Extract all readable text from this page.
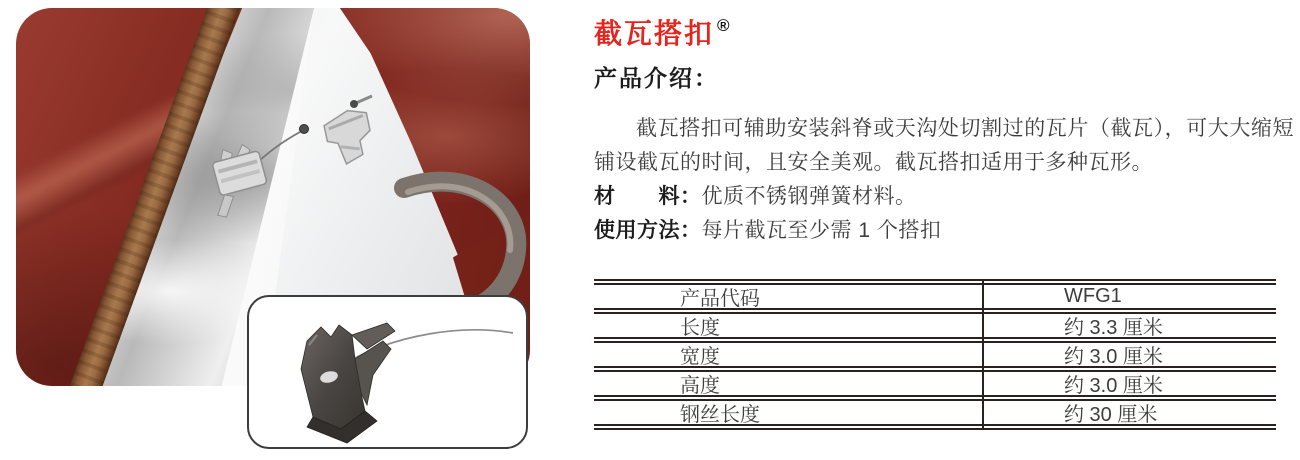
截瓦搭扣 ®
产品介绍：

截瓦搭扣可辅助安装斜脊或天沟处切割过的瓦片（截瓦），可大大缩短铺设截瓦的时间，且安全美观。截瓦搭扣适用于多种瓦形。

材　　料：优质不锈钢弹簧材料。

使用方法：每片截瓦至少需 1 个搭扣

产品代码	WFG1
长度	约 3.3 厘米
宽度	约 3.0 厘米
高度	约 3.0 厘米
钢丝长度	约 30 厘米
